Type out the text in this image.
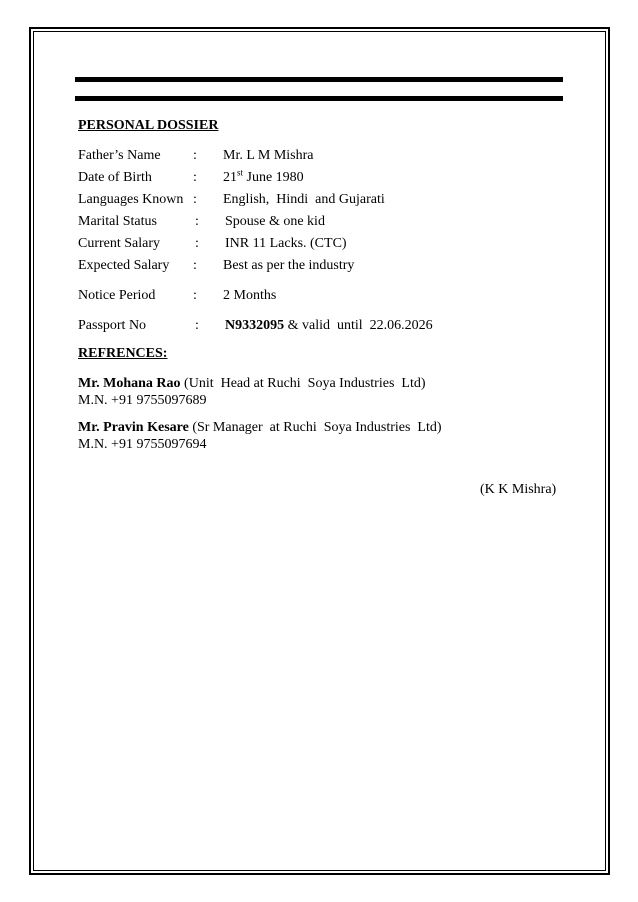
PERSONAL DOSSIER
Father’s Name : Mr. L M Mishra
Date of Birth	: 21st June 1980
Languages Known : English,  Hindi  and Gujarati
Marital Status	: Spouse & one kid
Current Salary : INR 11 Lacks. (CTC)
Expected Salary : Best as per the industry
Notice Period	: 2 Months
Passport No	: N9332095 & valid  until  22.06.2026
REFRENCES:
Mr. Mohana Rao (Unit  Head at Ruchi  Soya Industries  Ltd)
M.N. +91 9755097689
Mr. Pravin Kesare (Sr Manager  at Ruchi  Soya Industries  Ltd)
M.N. +91 9755097694
(K K Mishra)
